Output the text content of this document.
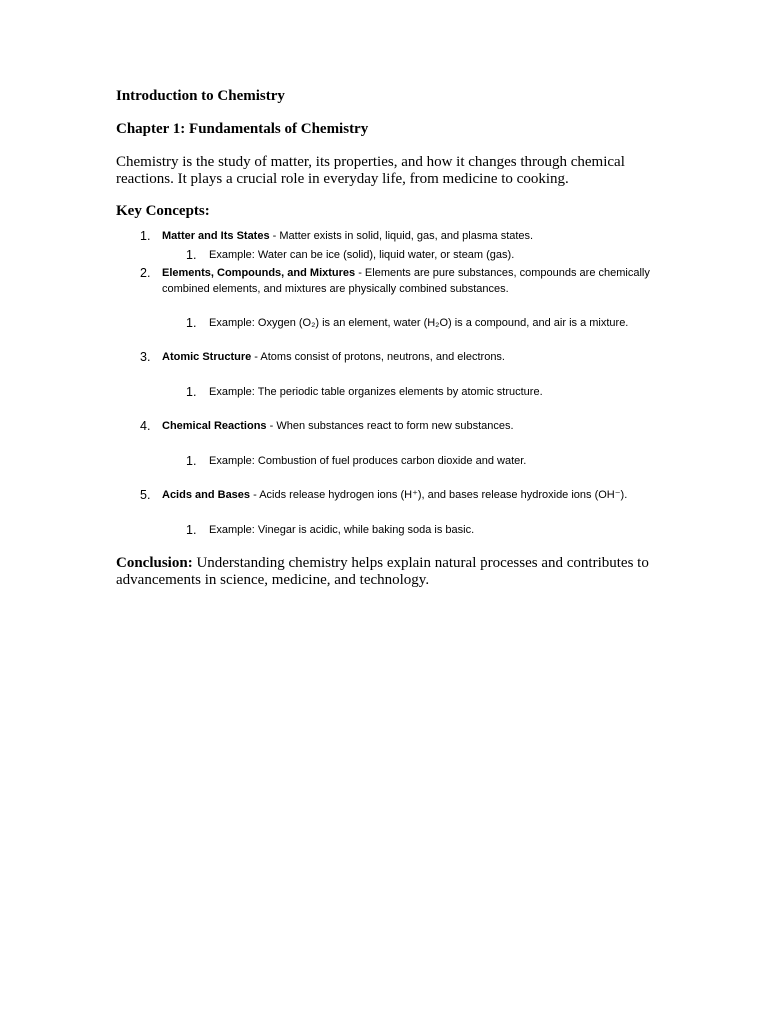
Introduction to Chemistry

Chapter 1: Fundamentals of Chemistry

Chemistry is the study of matter, its properties, and how it changes through chemical reactions. It plays a crucial role in everyday life, from medicine to cooking.

Key Concepts:

1. Matter and Its States - Matter exists in solid, liquid, gas, and plasma states.
1. Example: Water can be ice (solid), liquid water, or steam (gas).
2. Elements, Compounds, and Mixtures - Elements are pure substances, compounds are chemically combined elements, and mixtures are physically combined substances.
1. Example: Oxygen (O₂) is an element, water (H₂O) is a compound, and air is a mixture.
3. Atomic Structure - Atoms consist of protons, neutrons, and electrons.
1. Example: The periodic table organizes elements by atomic structure.
4. Chemical Reactions - When substances react to form new substances.
1. Example: Combustion of fuel produces carbon dioxide and water.
5. Acids and Bases - Acids release hydrogen ions (H⁺), and bases release hydroxide ions (OH⁻).
1. Example: Vinegar is acidic, while baking soda is basic.

Conclusion: Understanding chemistry helps explain natural processes and contributes to advancements in science, medicine, and technology.
